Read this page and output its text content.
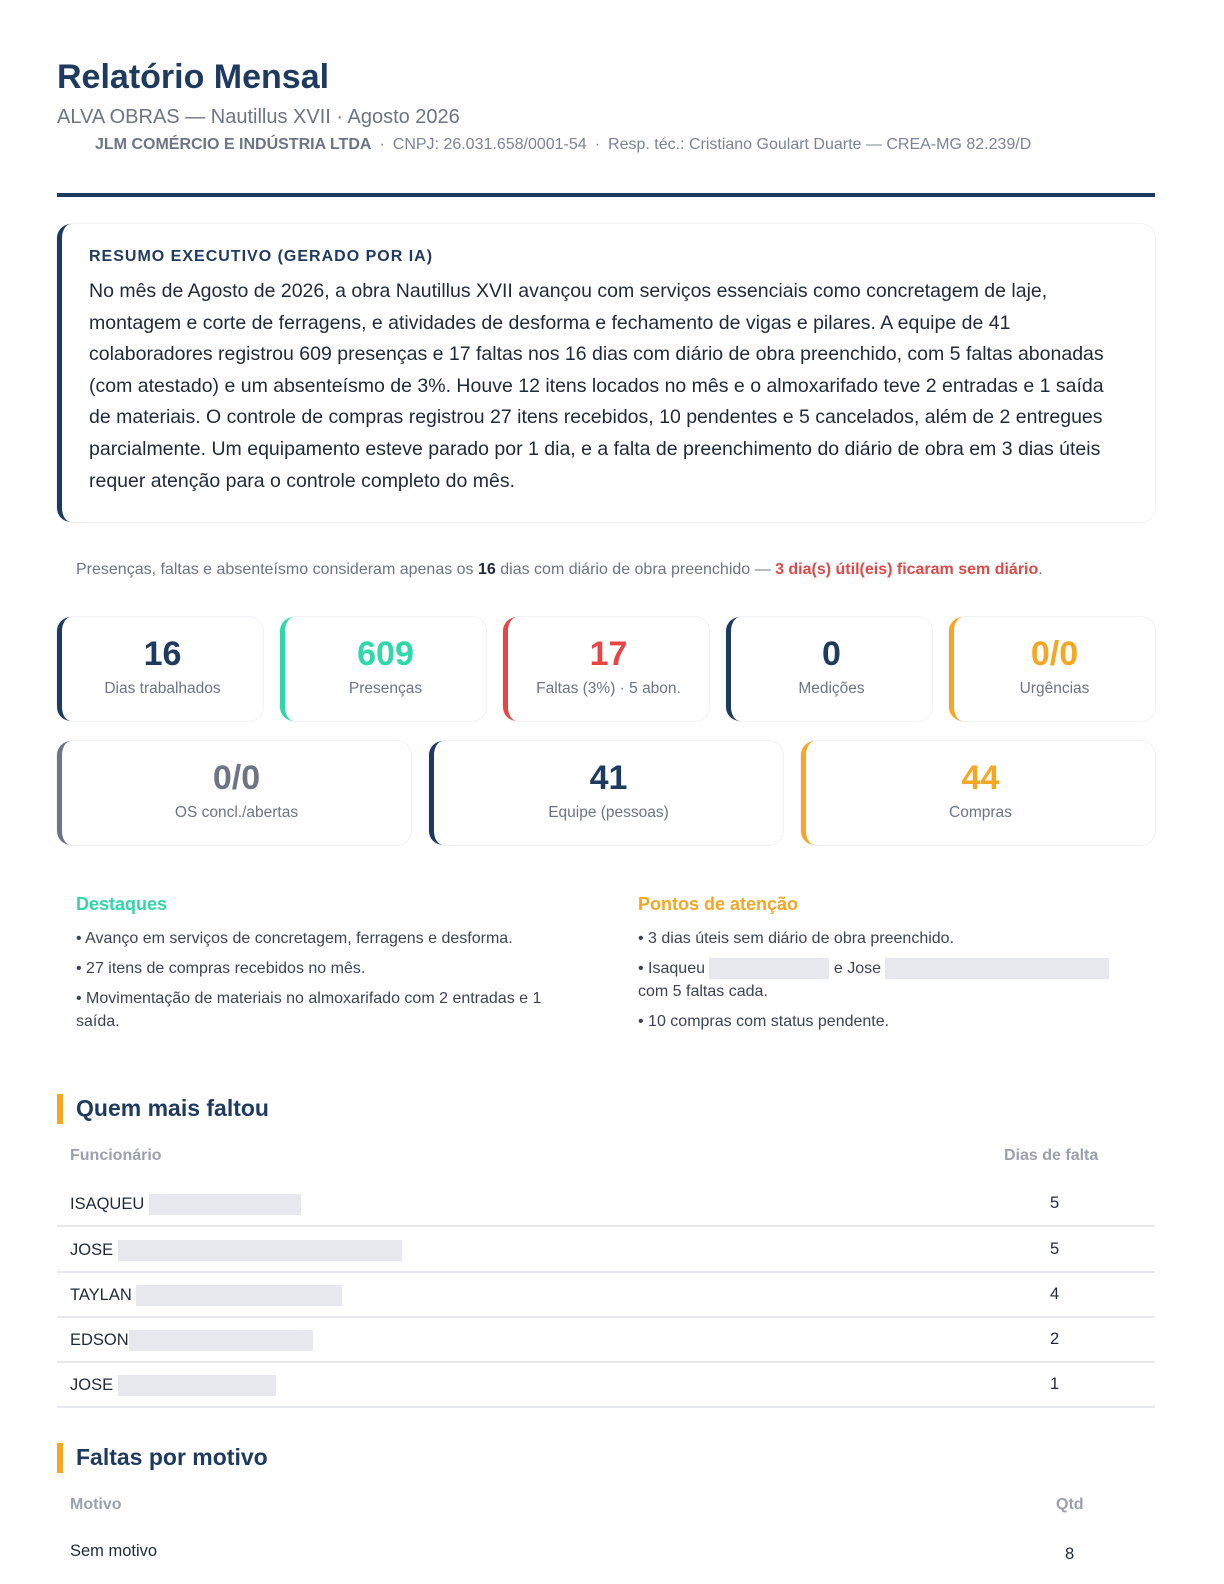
Relatório Mensal
ALVA OBRAS — Nautillus XVII · Agosto 2026
JLM COMÉRCIO E INDÚSTRIA LTDA · CNPJ: 26.031.658/0001-54 · Resp. téc.: Cristiano Goulart Duarte — CREA-MG 82.239/D
RESUMO EXECUTIVO (GERADO POR IA)
No mês de Agosto de 2026, a obra Nautillus XVII avançou com serviços essenciais como concretagem de laje, montagem e corte de ferragens, e atividades de desforma e fechamento de vigas e pilares. A equipe de 41 colaboradores registrou 609 presenças e 17 faltas nos 16 dias com diário de obra preenchido, com 5 faltas abonadas (com atestado) e um absenteísmo de 3%. Houve 12 itens locados no mês e o almoxarifado teve 2 entradas e 1 saída de materiais. O controle de compras registrou 27 itens recebidos, 10 pendentes e 5 cancelados, além de 2 entregues parcialmente. Um equipamento esteve parado por 1 dia, e a falta de preenchimento do diário de obra em 3 dias úteis requer atenção para o controle completo do mês.
Presenças, faltas e absenteísmo consideram apenas os 16 dias com diário de obra preenchido — 3 dia(s) útil(eis) ficaram sem diário.
16
Dias trabalhados
609
Presenças
17
Faltas (3%) · 5 abon.
0
Medições
0/0
Urgências
0/0
OS concl./abertas
41
Equipe (pessoas)
44
Compras
Destaques
• Avanço em serviços de concretagem, ferragens e desforma.
• 27 itens de compras recebidos no mês.
• Movimentação de materiais no almoxarifado com 2 entradas e 1 saída.
Pontos de atenção
• 3 dias úteis sem diário de obra preenchido.
• Isaqueu	e Jose
com 5 faltas cada.
• 10 compras com status pendente.
Quem mais faltou
Funcionário	Dias de falta
ISAQUEU	5
JOSE	5
TAYLAN	4
EDSON	2
JOSE	1
Faltas por motivo
Motivo	Qtd
Sem motivo	8
